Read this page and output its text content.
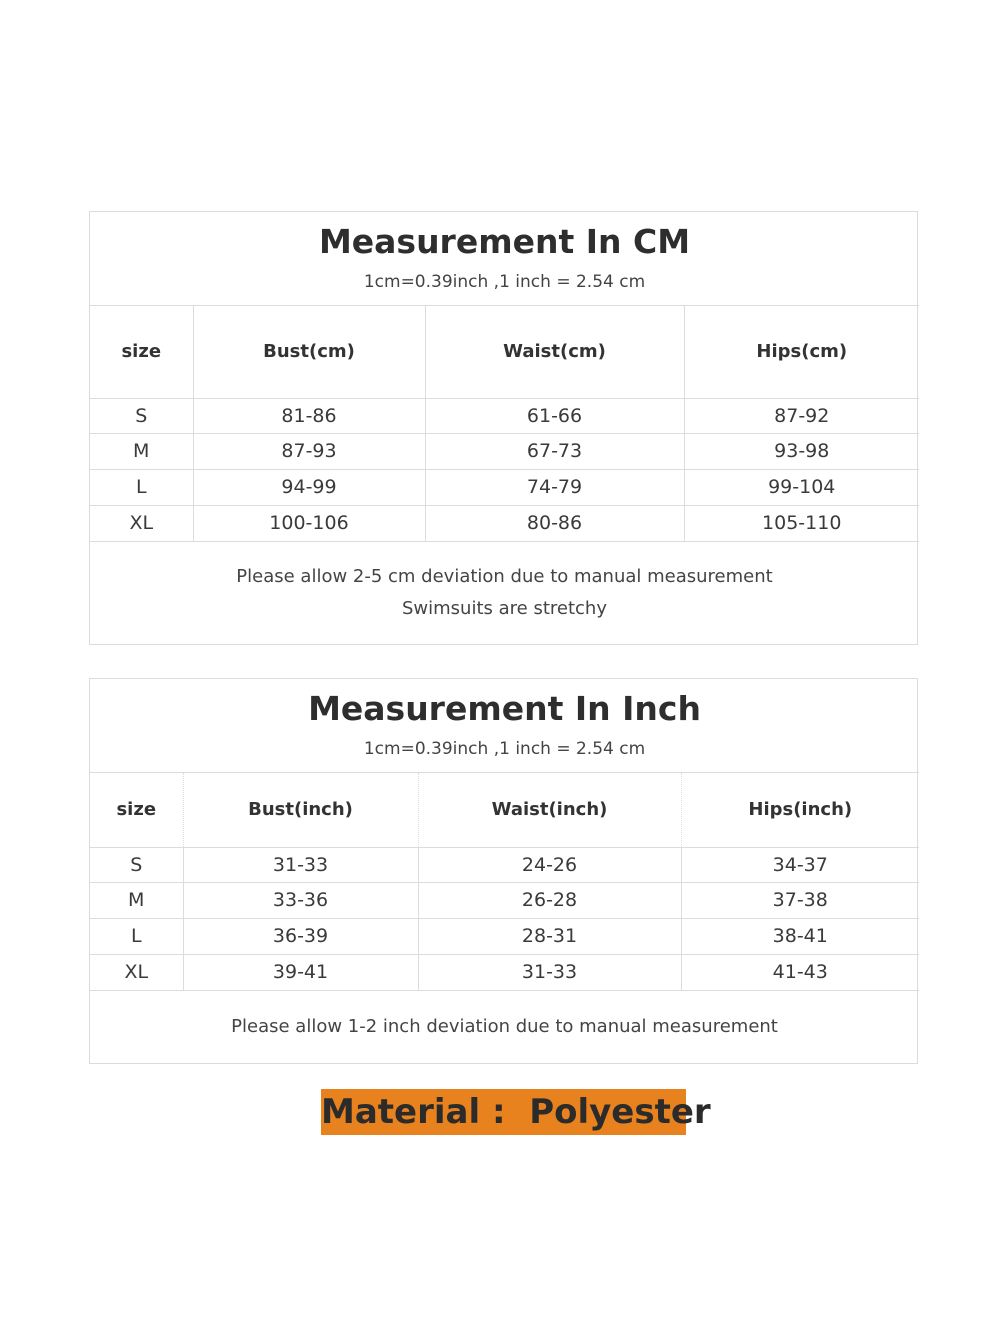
Measurement In CM
1cm=0.39inch ,1 inch = 2.54 cm			

size	Bust(cm)	Waist(cm)	Hips(cm)
S	81-86	61-66	87-92
M	87-93	67-73	93-98
L	94-99	74-79	99-104
XL	100-106	80-86	105-110

Please allow 2-5 cm deviation due to manual measurement
Swimsuits are stretchy			
Measurement In Inch
1cm=0.39inch ,1 inch = 2.54 cm			

size	Bust(inch)	Waist(inch)	Hips(inch)
S	31-33	24-26	34-37
M	33-36	26-28	37-38
L	36-39	28-31	38-41
XL	39-41	31-33	41-43

Please allow 1-2 inch deviation due to manual measurement			
Material :  Polyester
